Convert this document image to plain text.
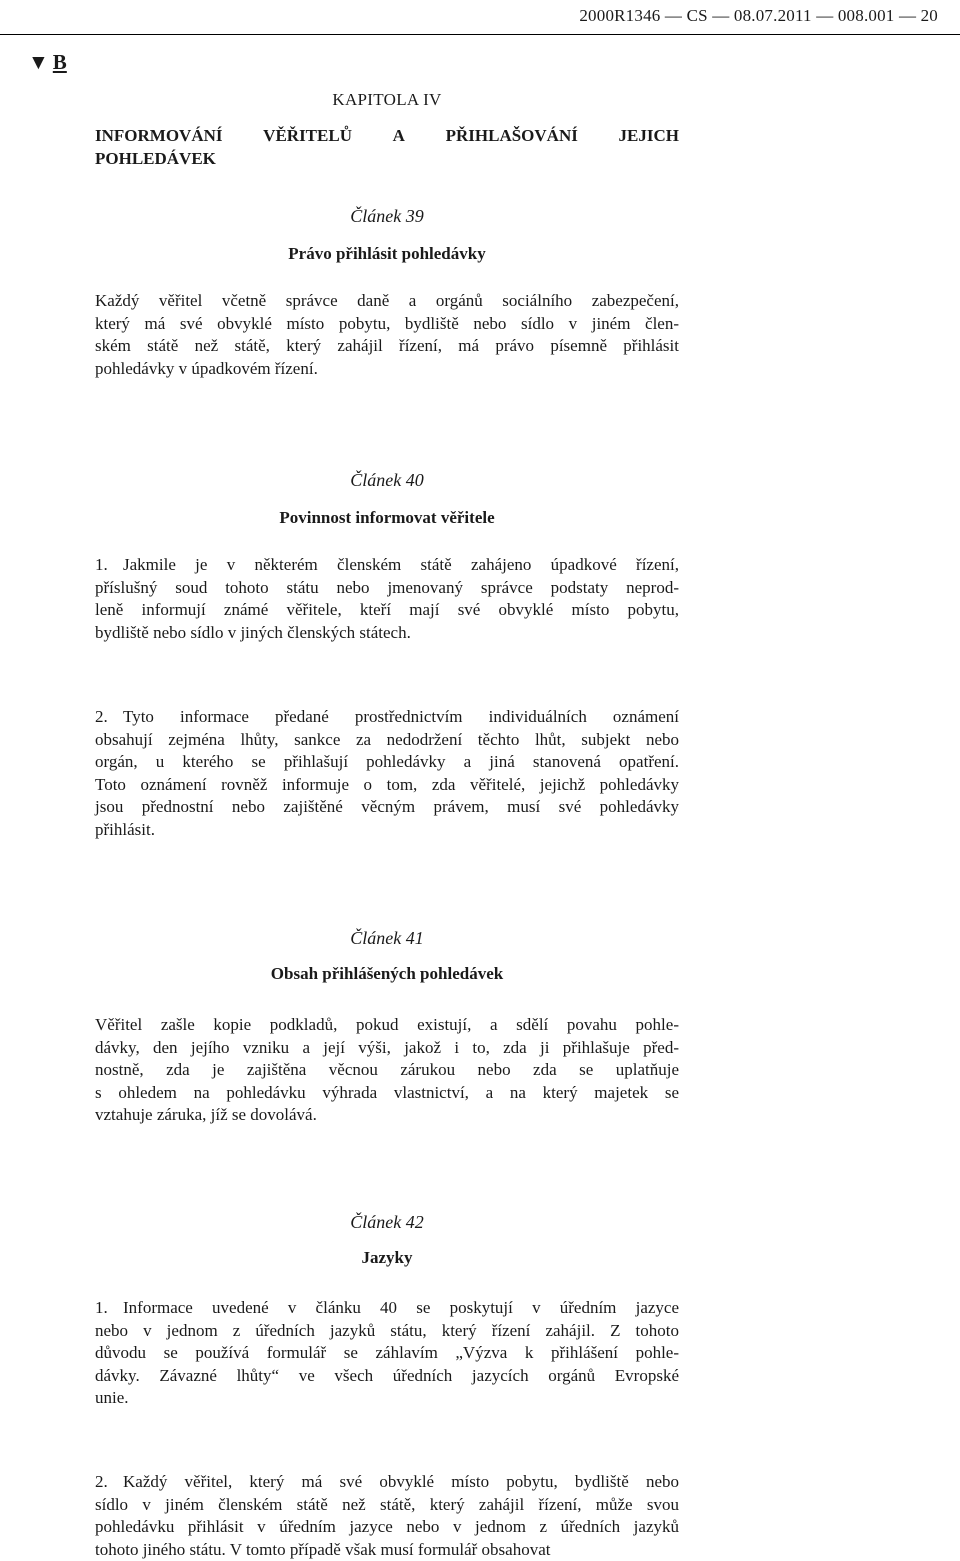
2000R1346 — CS — 08.07.2011 — 008.001 — 20
▼ B
KAPITOLA IV
INFORMOVÁNÍ VĚŘITELŮ A PŘIHLAŠOVÁNÍ JEJICH
POHLEDÁVEK
Článek 39
Právo přihlásit pohledávky
Každý věřitel včetně správce daně a orgánů sociálního zabezpečení,
který má své obvyklé místo pobytu, bydliště nebo sídlo v jiném člen-
ském státě než státě, který zahájil řízení, má právo písemně přihlásit
pohledávky v úpadkovém řízení.
Článek 40
Povinnost informovat věřitele
1. Jakmile je v některém členském státě zahájeno úpadkové řízení,
příslušný soud tohoto státu nebo jmenovaný správce podstaty neprod-
leně informují známé věřitele, kteří mají své obvyklé místo pobytu,
bydliště nebo sídlo v jiných členských státech.
2. Tyto informace předané prostřednictvím individuálních oznámení
obsahují zejména lhůty, sankce za nedodržení těchto lhůt, subjekt nebo
orgán, u kterého se přihlašují pohledávky a jiná stanovená opatření.
Toto oznámení rovněž informuje o tom, zda věřitelé, jejichž pohledávky
jsou přednostní nebo zajištěné věcným právem, musí své pohledávky
přihlásit.
Článek 41
Obsah přihlášených pohledávek
Věřitel zašle kopie podkladů, pokud existují, a sdělí povahu pohle-
dávky, den jejího vzniku a její výši, jakož i to, zda ji přihlašuje před-
nostně, zda je zajištěna věcnou zárukou nebo zda se uplatňuje
s ohledem na pohledávku výhrada vlastnictví, a na který majetek se
vztahuje záruka, jíž se dovolává.
Článek 42
Jazyky
1. Informace uvedené v článku 40 se poskytují v úředním jazyce
nebo v jednom z úředních jazyků státu, který řízení zahájil. Z tohoto
důvodu se používá formulář se záhlavím „Výzva k přihlášení pohle-
dávky. Závazné lhůty“ ve všech úředních jazycích orgánů Evropské
unie.
2. Každý věřitel, který má své obvyklé místo pobytu, bydliště nebo
sídlo v jiném členském státě než státě, který zahájil řízení, může svou
pohledávku přihlásit v úředním jazyce nebo v jednom z úředních jazyků
tohoto jiného státu. V tomto případě však musí formulář obsahovat
